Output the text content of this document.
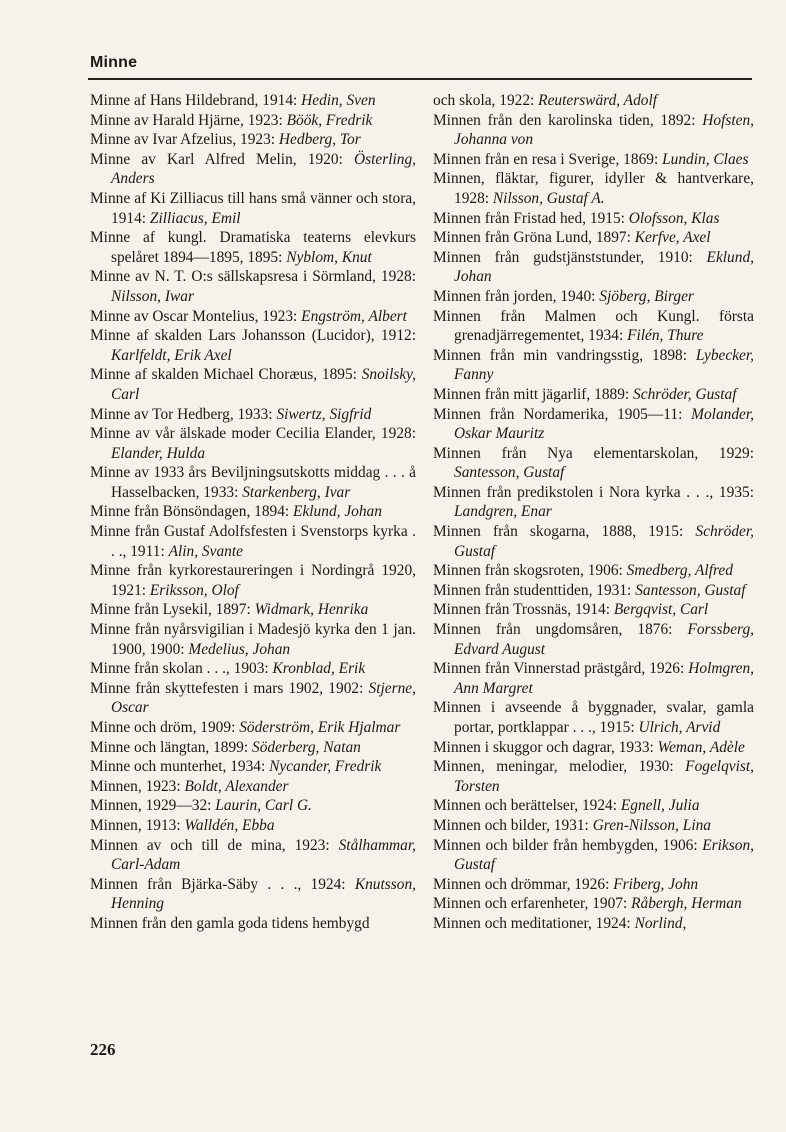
Minne
Minne af Hans Hildebrand, 1914: Hedin, Sven
Minne av Harald Hjärne, 1923: Böök, Fredrik
Minne av Ivar Afzelius, 1923: Hedberg, Tor
Minne av Karl Alfred Melin, 1920: Österling, Anders
Minne af Ki Zilliacus till hans små vänner och stora, 1914: Zilliacus, Emil
Minne af kungl. Dramatiska teaterns elevkurs spelåret 1894—1895, 1895: Nyblom, Knut
Minne av N. T. O:s sällskapsresa i Sörmland, 1928: Nilsson, Iwar
Minne av Oscar Montelius, 1923: Engström, Albert
Minne af skalden Lars Johansson (Lucidor), 1912: Karlfeldt, Erik Axel
Minne af skalden Michael Choræus, 1895: Snoilsky, Carl
Minne av Tor Hedberg, 1933: Siwertz, Sigfrid
Minne av vår älskade moder Cecilia Elander, 1928: Elander, Hulda
Minne av 1933 års Beviljningsutskotts middag . . . å Hasselbacken, 1933: Starkenberg, Ivar
Minne från Bönsöndagen, 1894: Eklund, Johan
Minne från Gustaf Adolfsfesten i Svenstorps kyrka . . ., 1911: Alin, Svante
Minne från kyrkorestaureringen i Nordingrå 1920, 1921: Eriksson, Olof
Minne från Lysekil, 1897: Widmark, Henrika
Minne från nyårsvigilian i Madesjö kyrka den 1 jan. 1900, 1900: Medelius, Johan
Minne från skolan . . ., 1903: Kronblad, Erik
Minne från skyttefesten i mars 1902, 1902: Stjerne, Oscar
Minne och dröm, 1909: Söderström, Erik Hjalmar
Minne och längtan, 1899: Söderberg, Natan
Minne och munterhet, 1934: Nycander, Fredrik
Minnen, 1923: Boldt, Alexander
Minnen, 1929—32: Laurin, Carl G.
Minnen, 1913: Walldén, Ebba
Minnen av och till de mina, 1923: Stålhammar, Carl-Adam
Minnen från Bjärka-Säby . . ., 1924: Knutsson, Henning
Minnen från den gamla goda tidens hembygd
och skola, 1922: Reuterswärd, Adolf
Minnen från den karolinska tiden, 1892: Hofsten, Johanna von
Minnen från en resa i Sverige, 1869: Lundin, Claes
Minnen, fläktar, figurer, idyller & hantverkare, 1928: Nilsson, Gustaf A.
Minnen från Fristad hed, 1915: Olofsson, Klas
Minnen från Gröna Lund, 1897: Kerfve, Axel
Minnen från gudstjänststunder, 1910: Eklund, Johan
Minnen från jorden, 1940: Sjöberg, Birger
Minnen från Malmen och Kungl. första grenadjärregementet, 1934: Filén, Thure
Minnen från min vandringsstig, 1898: Lybecker, Fanny
Minnen från mitt jägarlif, 1889: Schröder, Gustaf
Minnen från Nordamerika, 1905—11: Molander, Oskar Mauritz
Minnen från Nya elementarskolan, 1929: Santesson, Gustaf
Minnen från predikstolen i Nora kyrka . . ., 1935: Landgren, Enar
Minnen från skogarna, 1888, 1915: Schröder, Gustaf
Minnen från skogsroten, 1906: Smedberg, Alfred
Minnen från studenttiden, 1931: Santesson, Gustaf
Minnen från Trossnäs, 1914: Bergqvist, Carl
Minnen från ungdomsåren, 1876: Forssberg, Edvard August
Minnen från Vinnerstad prästgård, 1926: Holmgren, Ann Margret
Minnen i avseende å byggnader, svalar, gamla portar, portklappar . . ., 1915: Ulrich, Arvid
Minnen i skuggor och dagrar, 1933: Weman, Adèle
Minnen, meningar, melodier, 1930: Fogelqvist, Torsten
Minnen och berättelser, 1924: Egnell, Julia
Minnen och bilder, 1931: Gren-Nilsson, Lina
Minnen och bilder från hembygden, 1906: Erikson, Gustaf
Minnen och drömmar, 1926: Friberg, John
Minnen och erfarenheter, 1907: Råbergh, Herman
Minnen och meditationer, 1924: Norlind,
226
